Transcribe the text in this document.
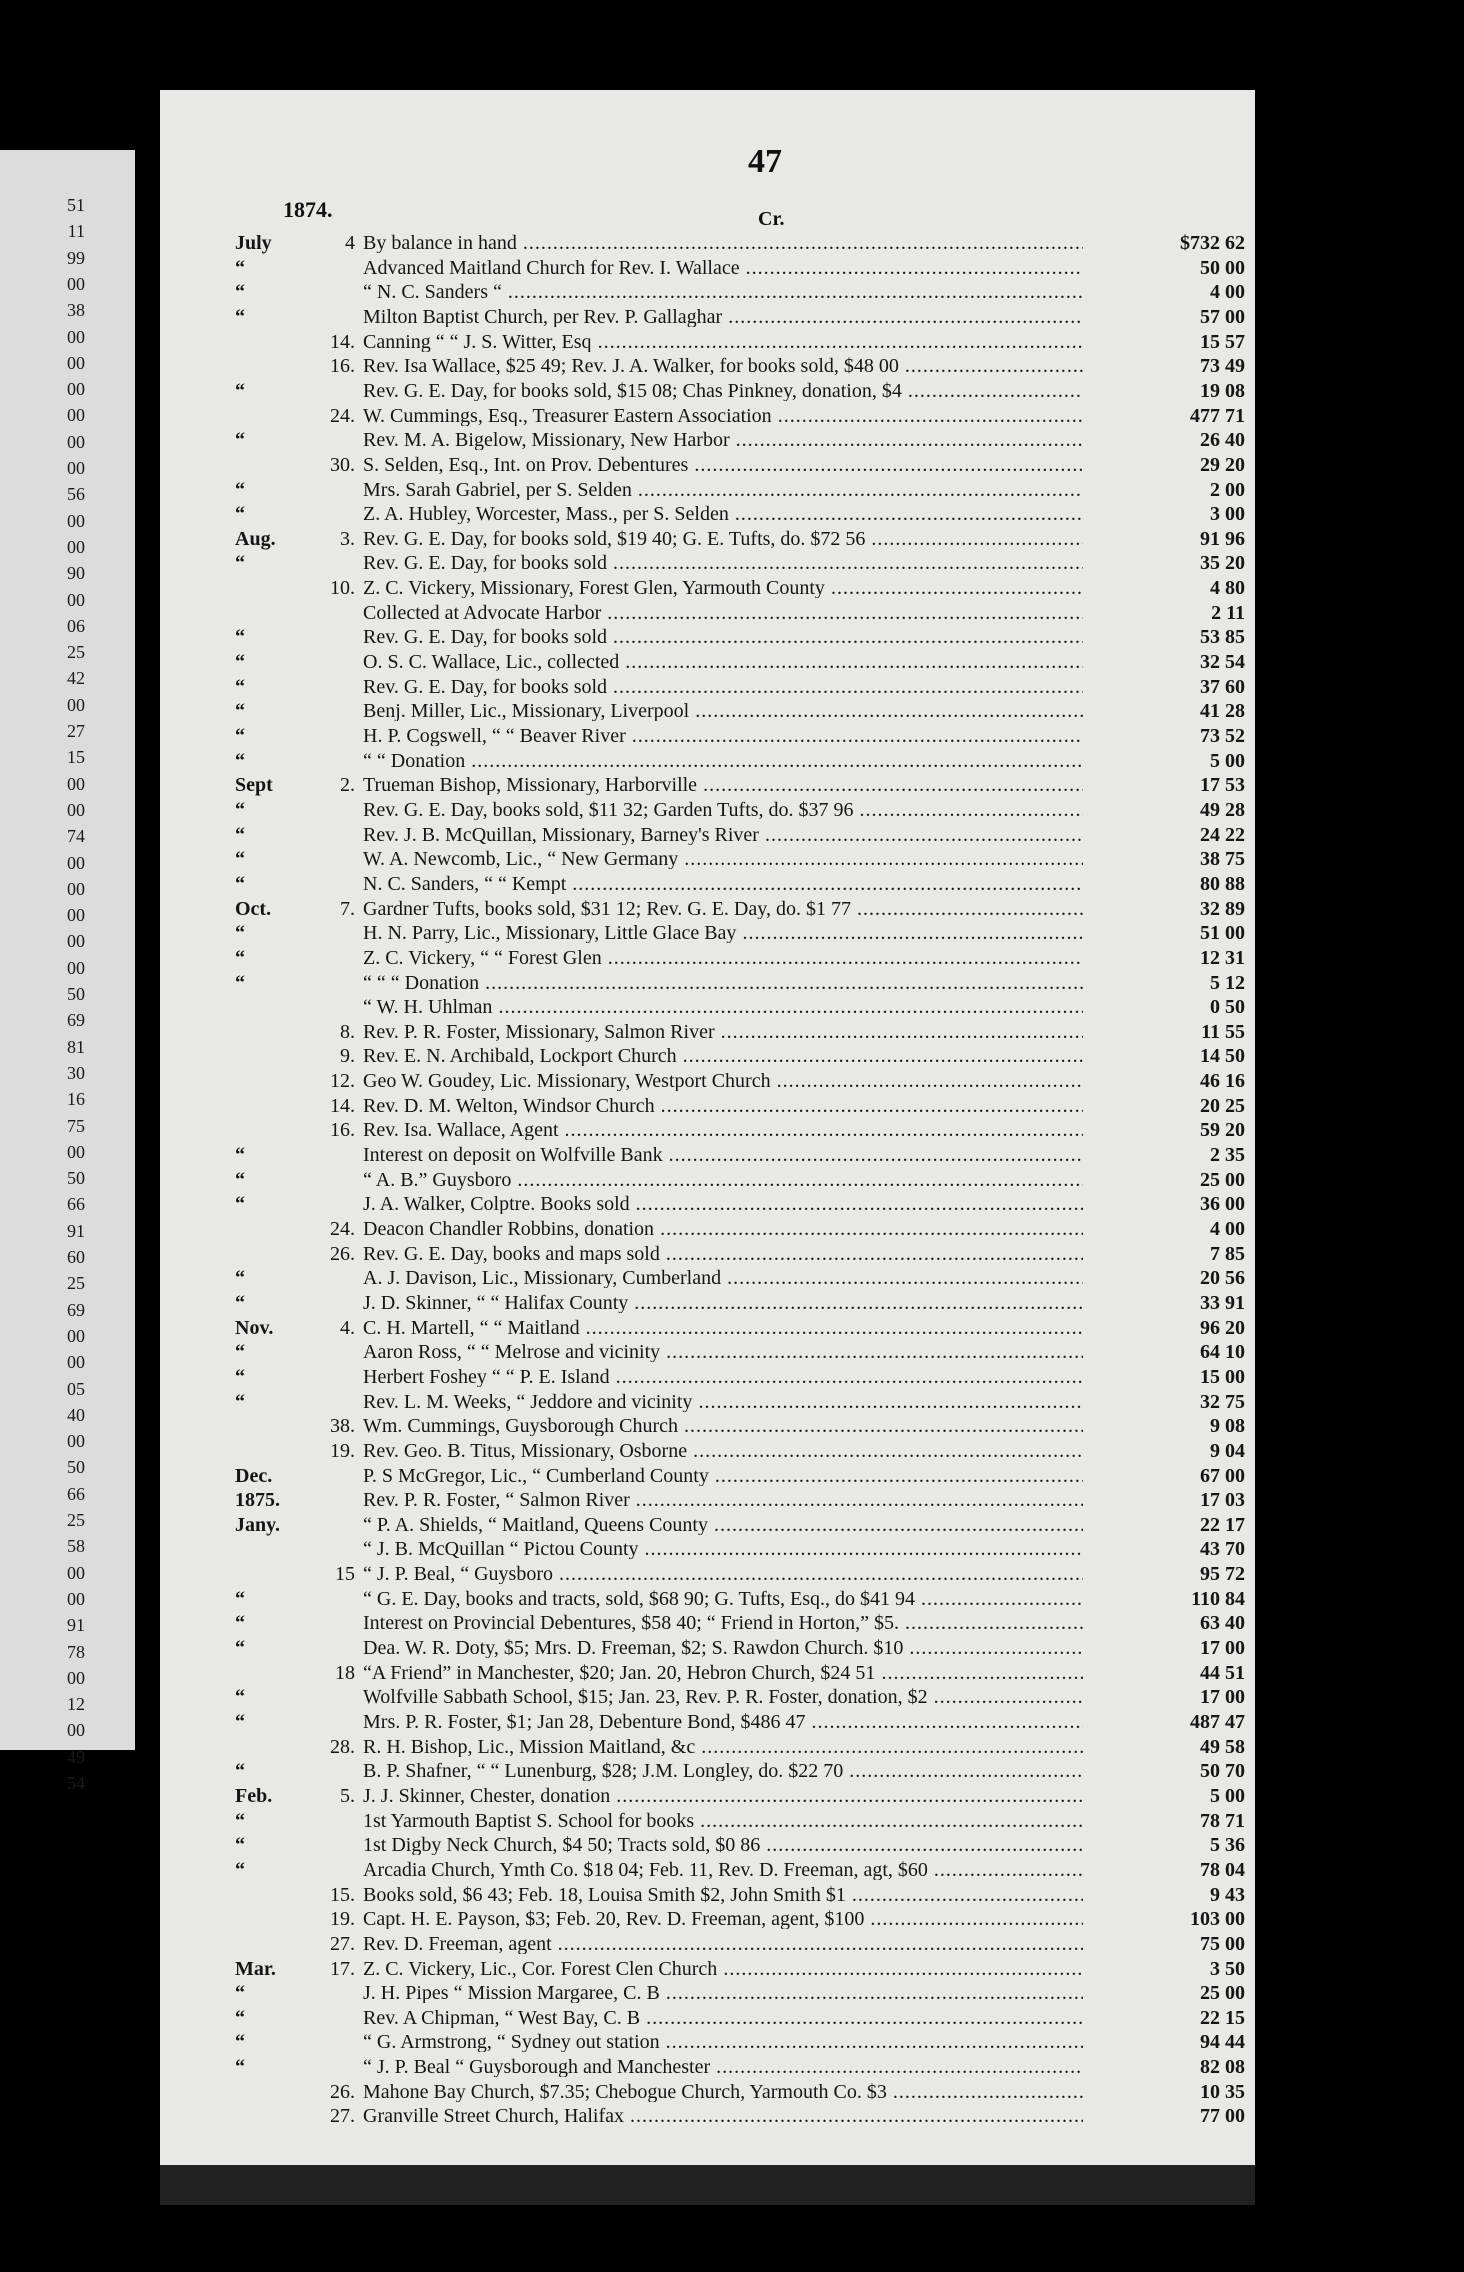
51
11
99
00
38
00
00
00
00
00
00
56
00
00
90
00
06
25
42
00
27
15
00
00
74
00
00
00
00
00
50
69
81
30
16
75
00
50
66
91
60
25
69
00
00
05
40
00
50
66
25
58
00
00
91
78
00
12
00
49
54
47
1874.	Cr.
July	4 By balance in hand .....	$732 62
“	Advanced Maitland Church for Rev. I. Wallace .....	50 00
“	“ N. C. Sanders “ .....	4 00
“	Milton Baptist Church, per Rev. P. Gallaghar .....	57 00
14. Canning “ “ J. S. Witter, Esq .....	15 57
16. Rev. Isa Wallace, $25 49; Rev. J. A. Walker, for books sold, $48 00 .....	73 49
“	Rev. G. E. Day, for books sold, $15 08; Chas Pinkney, donation, $4 .....	19 08
24. W. Cummings, Esq., Treasurer Eastern Association .....	477 71
“	Rev. M. A. Bigelow, Missionary, New Harbor .....	26 40
30. S. Selden, Esq., Int. on Prov. Debentures .....	29 20
“	Mrs. Sarah Gabriel, per S. Selden .....	2 00
“	Z. A. Hubley, Worcester, Mass., per S. Selden .....	3 00
Aug.	3. Rev. G. E. Day, for books sold, $19 40; G. E. Tufts, do. $72 56 .....	91 96
“	Rev. G. E. Day, for books sold .....	35 20
10. Z. C. Vickery, Missionary, Forest Glen, Yarmouth County .....	4 80
Collected at Advocate Harbor .....	2 11
“	Rev. G. E. Day, for books sold .....	53 85
“	O. S. C. Wallace, Lic., collected .....	32 54
“	Rev. G. E. Day, for books sold .....	37 60
“	Benj. Miller, Lic., Missionary, Liverpool .....	41 28
“	H. P. Cogswell, “ “ Beaver River .....	73 52
“	“ “ Donation .....	5 00
Sept	2. Trueman Bishop, Missionary, Harborville .....	17 53
“	Rev. G. E. Day, books sold, $11 32; Garden Tufts, do. $37 96 .....	49 28
“	Rev. J. B. McQuillan, Missionary, Barney's River .....	24 22
“	W. A. Newcomb, Lic., “ New Germany .....	38 75
“	N. C. Sanders, “ “ Kempt .....	80 88
Oct.	7. Gardner Tufts, books sold, $31 12; Rev. G. E. Day, do. $1 77 .....	32 89
“	H. N. Parry, Lic., Missionary, Little Glace Bay .....	51 00
“	Z. C. Vickery, “ “ Forest Glen .....	12 31
“	“ “ “ Donation .....	5 12
“ W. H. Uhlman .....	0 50
8. Rev. P. R. Foster, Missionary, Salmon River .....	11 55
9. Rev. E. N. Archibald, Lockport Church .....	14 50
12. Geo W. Goudey, Lic. Missionary, Westport Church .....	46 16
14. Rev. D. M. Welton, Windsor Church .....	20 25
16. Rev. Isa. Wallace, Agent .....	59 20
“	Interest on deposit on Wolfville Bank .....	2 35
“	“ A. B.” Guysboro .....	25 00
“	J. A. Walker, Colptre. Books sold .....	36 00
24. Deacon Chandler Robbins, donation .....	4 00
26. Rev. G. E. Day, books and maps sold .....	7 85
“	A. J. Davison, Lic., Missionary, Cumberland .....	20 56
“	J. D. Skinner, “ “ Halifax County .....	33 91
Nov.	4. C. H. Martell, “ “ Maitland .....	96 20
“	Aaron Ross, “ “ Melrose and vicinity .....	64 10
“	Herbert Foshey “ “ P. E. Island .....	15 00
“	Rev. L. M. Weeks, “ Jeddore and vicinity .....	32 75
38. Wm. Cummings, Guysborough Church .....	9 08
19. Rev. Geo. B. Titus, Missionary, Osborne .....	9 04
Dec.	P. S McGregor, Lic., “ Cumberland County .....	67 00
1875.	Rev. P. R. Foster, “ Salmon River .....	17 03
Jany.	“ P. A. Shields, “ Maitland, Queens County .....	22 17
“ J. B. McQuillan “ Pictou County .....	43 70
15 “ J. P. Beal, “ Guysboro .....	95 72
“	“ G. E. Day, books and tracts, sold, $68 90; G. Tufts, Esq., do $41 94 .....	110 84
“	Interest on Provincial Debentures, $58 40; “ Friend in Horton,” $5. .....	63 40
“	Dea. W. R. Doty, $5; Mrs. D. Freeman, $2; S. Rawdon Church. $10 .....	17 00
18 “A Friend” in Manchester, $20; Jan. 20, Hebron Church, $24 51 .....	44 51
“	Wolfville Sabbath School, $15; Jan. 23, Rev. P. R. Foster, donation, $2 .....	17 00
“	Mrs. P. R. Foster, $1; Jan 28, Debenture Bond, $486 47 .....	487 47
28. R. H. Bishop, Lic., Mission Maitland, &c .....	49 58
“	B. P. Shafner, “ “ Lunenburg, $28; J.M. Longley, do. $22 70 .....	50 70
Feb.	5. J. J. Skinner, Chester, donation .....	5 00
“	1st Yarmouth Baptist S. School for books .....	78 71
“	1st Digby Neck Church, $4 50; Tracts sold, $0 86 .....	5 36
“	Arcadia Church, Ymth Co. $18 04; Feb. 11, Rev. D. Freeman, agt, $60 .....	78 04
15. Books sold, $6 43; Feb. 18, Louisa Smith $2, John Smith $1 .....	9 43
19. Capt. H. E. Payson, $3; Feb. 20, Rev. D. Freeman, agent, $100 .....	103 00
27. Rev. D. Freeman, agent .....	75 00
Mar.	17. Z. C. Vickery, Lic., Cor. Forest Clen Church .....	3 50
“	J. H. Pipes “ Mission Margaree, C. B .....	25 00
“	Rev. A Chipman, “ West Bay, C. B .....	22 15
“	“ G. Armstrong, “ Sydney out station .....	94 44
“	“ J. P. Beal “ Guysborough and Manchester .....	82 08
26. Mahone Bay Church, $7.35; Chebogue Church, Yarmouth Co. $3 .....	10 35
27. Granville Street Church, Halifax .....	77 00
